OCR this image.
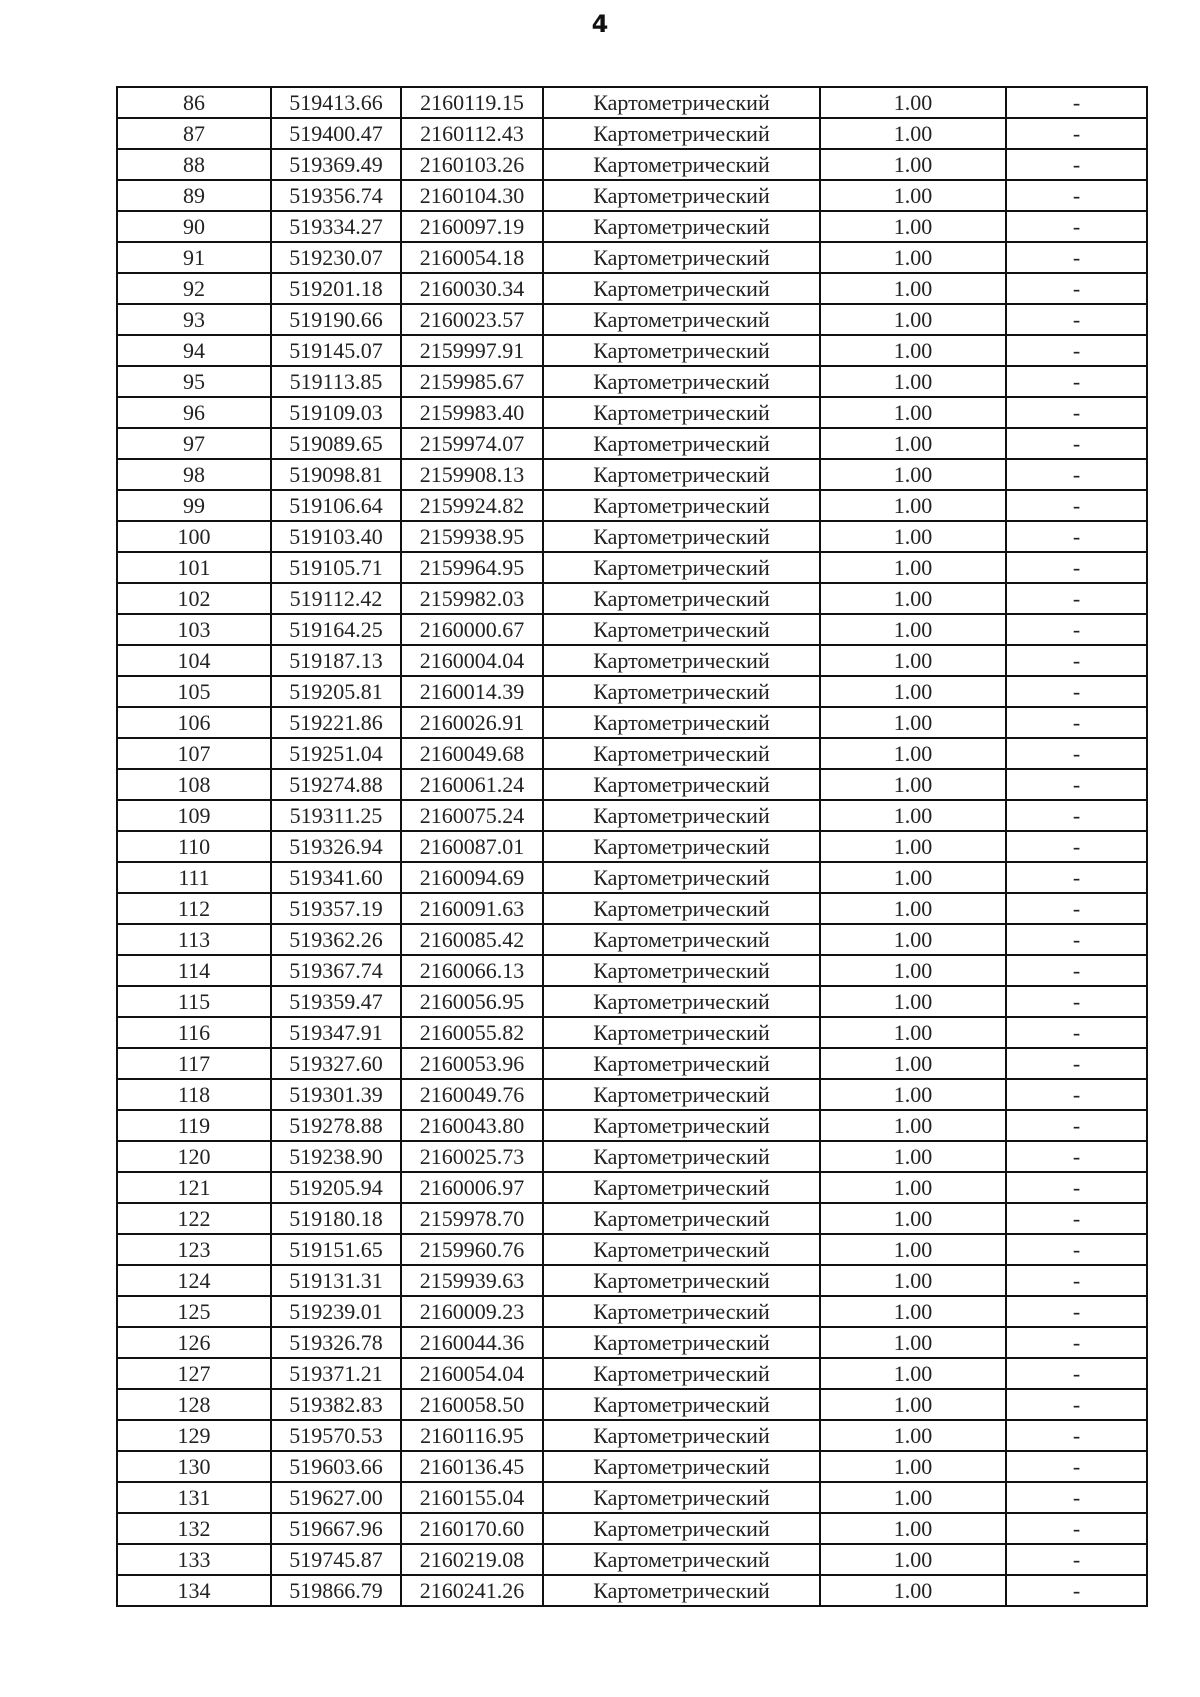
4
86	519413.66	2160119.15	Картометрический	1.00	-
87	519400.47	2160112.43	Картометрический	1.00	-
88	519369.49	2160103.26	Картометрический	1.00	-
89	519356.74	2160104.30	Картометрический	1.00	-
90	519334.27	2160097.19	Картометрический	1.00	-
91	519230.07	2160054.18	Картометрический	1.00	-
92	519201.18	2160030.34	Картометрический	1.00	-
93	519190.66	2160023.57	Картометрический	1.00	-
94	519145.07	2159997.91	Картометрический	1.00	-
95	519113.85	2159985.67	Картометрический	1.00	-
96	519109.03	2159983.40	Картометрический	1.00	-
97	519089.65	2159974.07	Картометрический	1.00	-
98	519098.81	2159908.13	Картометрический	1.00	-
99	519106.64	2159924.82	Картометрический	1.00	-
100	519103.40	2159938.95	Картометрический	1.00	-
101	519105.71	2159964.95	Картометрический	1.00	-
102	519112.42	2159982.03	Картометрический	1.00	-
103	519164.25	2160000.67	Картометрический	1.00	-
104	519187.13	2160004.04	Картометрический	1.00	-
105	519205.81	2160014.39	Картометрический	1.00	-
106	519221.86	2160026.91	Картометрический	1.00	-
107	519251.04	2160049.68	Картометрический	1.00	-
108	519274.88	2160061.24	Картометрический	1.00	-
109	519311.25	2160075.24	Картометрический	1.00	-
110	519326.94	2160087.01	Картометрический	1.00	-
111	519341.60	2160094.69	Картометрический	1.00	-
112	519357.19	2160091.63	Картометрический	1.00	-
113	519362.26	2160085.42	Картометрический	1.00	-
114	519367.74	2160066.13	Картометрический	1.00	-
115	519359.47	2160056.95	Картометрический	1.00	-
116	519347.91	2160055.82	Картометрический	1.00	-
117	519327.60	2160053.96	Картометрический	1.00	-
118	519301.39	2160049.76	Картометрический	1.00	-
119	519278.88	2160043.80	Картометрический	1.00	-
120	519238.90	2160025.73	Картометрический	1.00	-
121	519205.94	2160006.97	Картометрический	1.00	-
122	519180.18	2159978.70	Картометрический	1.00	-
123	519151.65	2159960.76	Картометрический	1.00	-
124	519131.31	2159939.63	Картометрический	1.00	-
125	519239.01	2160009.23	Картометрический	1.00	-
126	519326.78	2160044.36	Картометрический	1.00	-
127	519371.21	2160054.04	Картометрический	1.00	-
128	519382.83	2160058.50	Картометрический	1.00	-
129	519570.53	2160116.95	Картометрический	1.00	-
130	519603.66	2160136.45	Картометрический	1.00	-
131	519627.00	2160155.04	Картометрический	1.00	-
132	519667.96	2160170.60	Картометрический	1.00	-
133	519745.87	2160219.08	Картометрический	1.00	-
134	519866.79	2160241.26	Картометрический	1.00	-
